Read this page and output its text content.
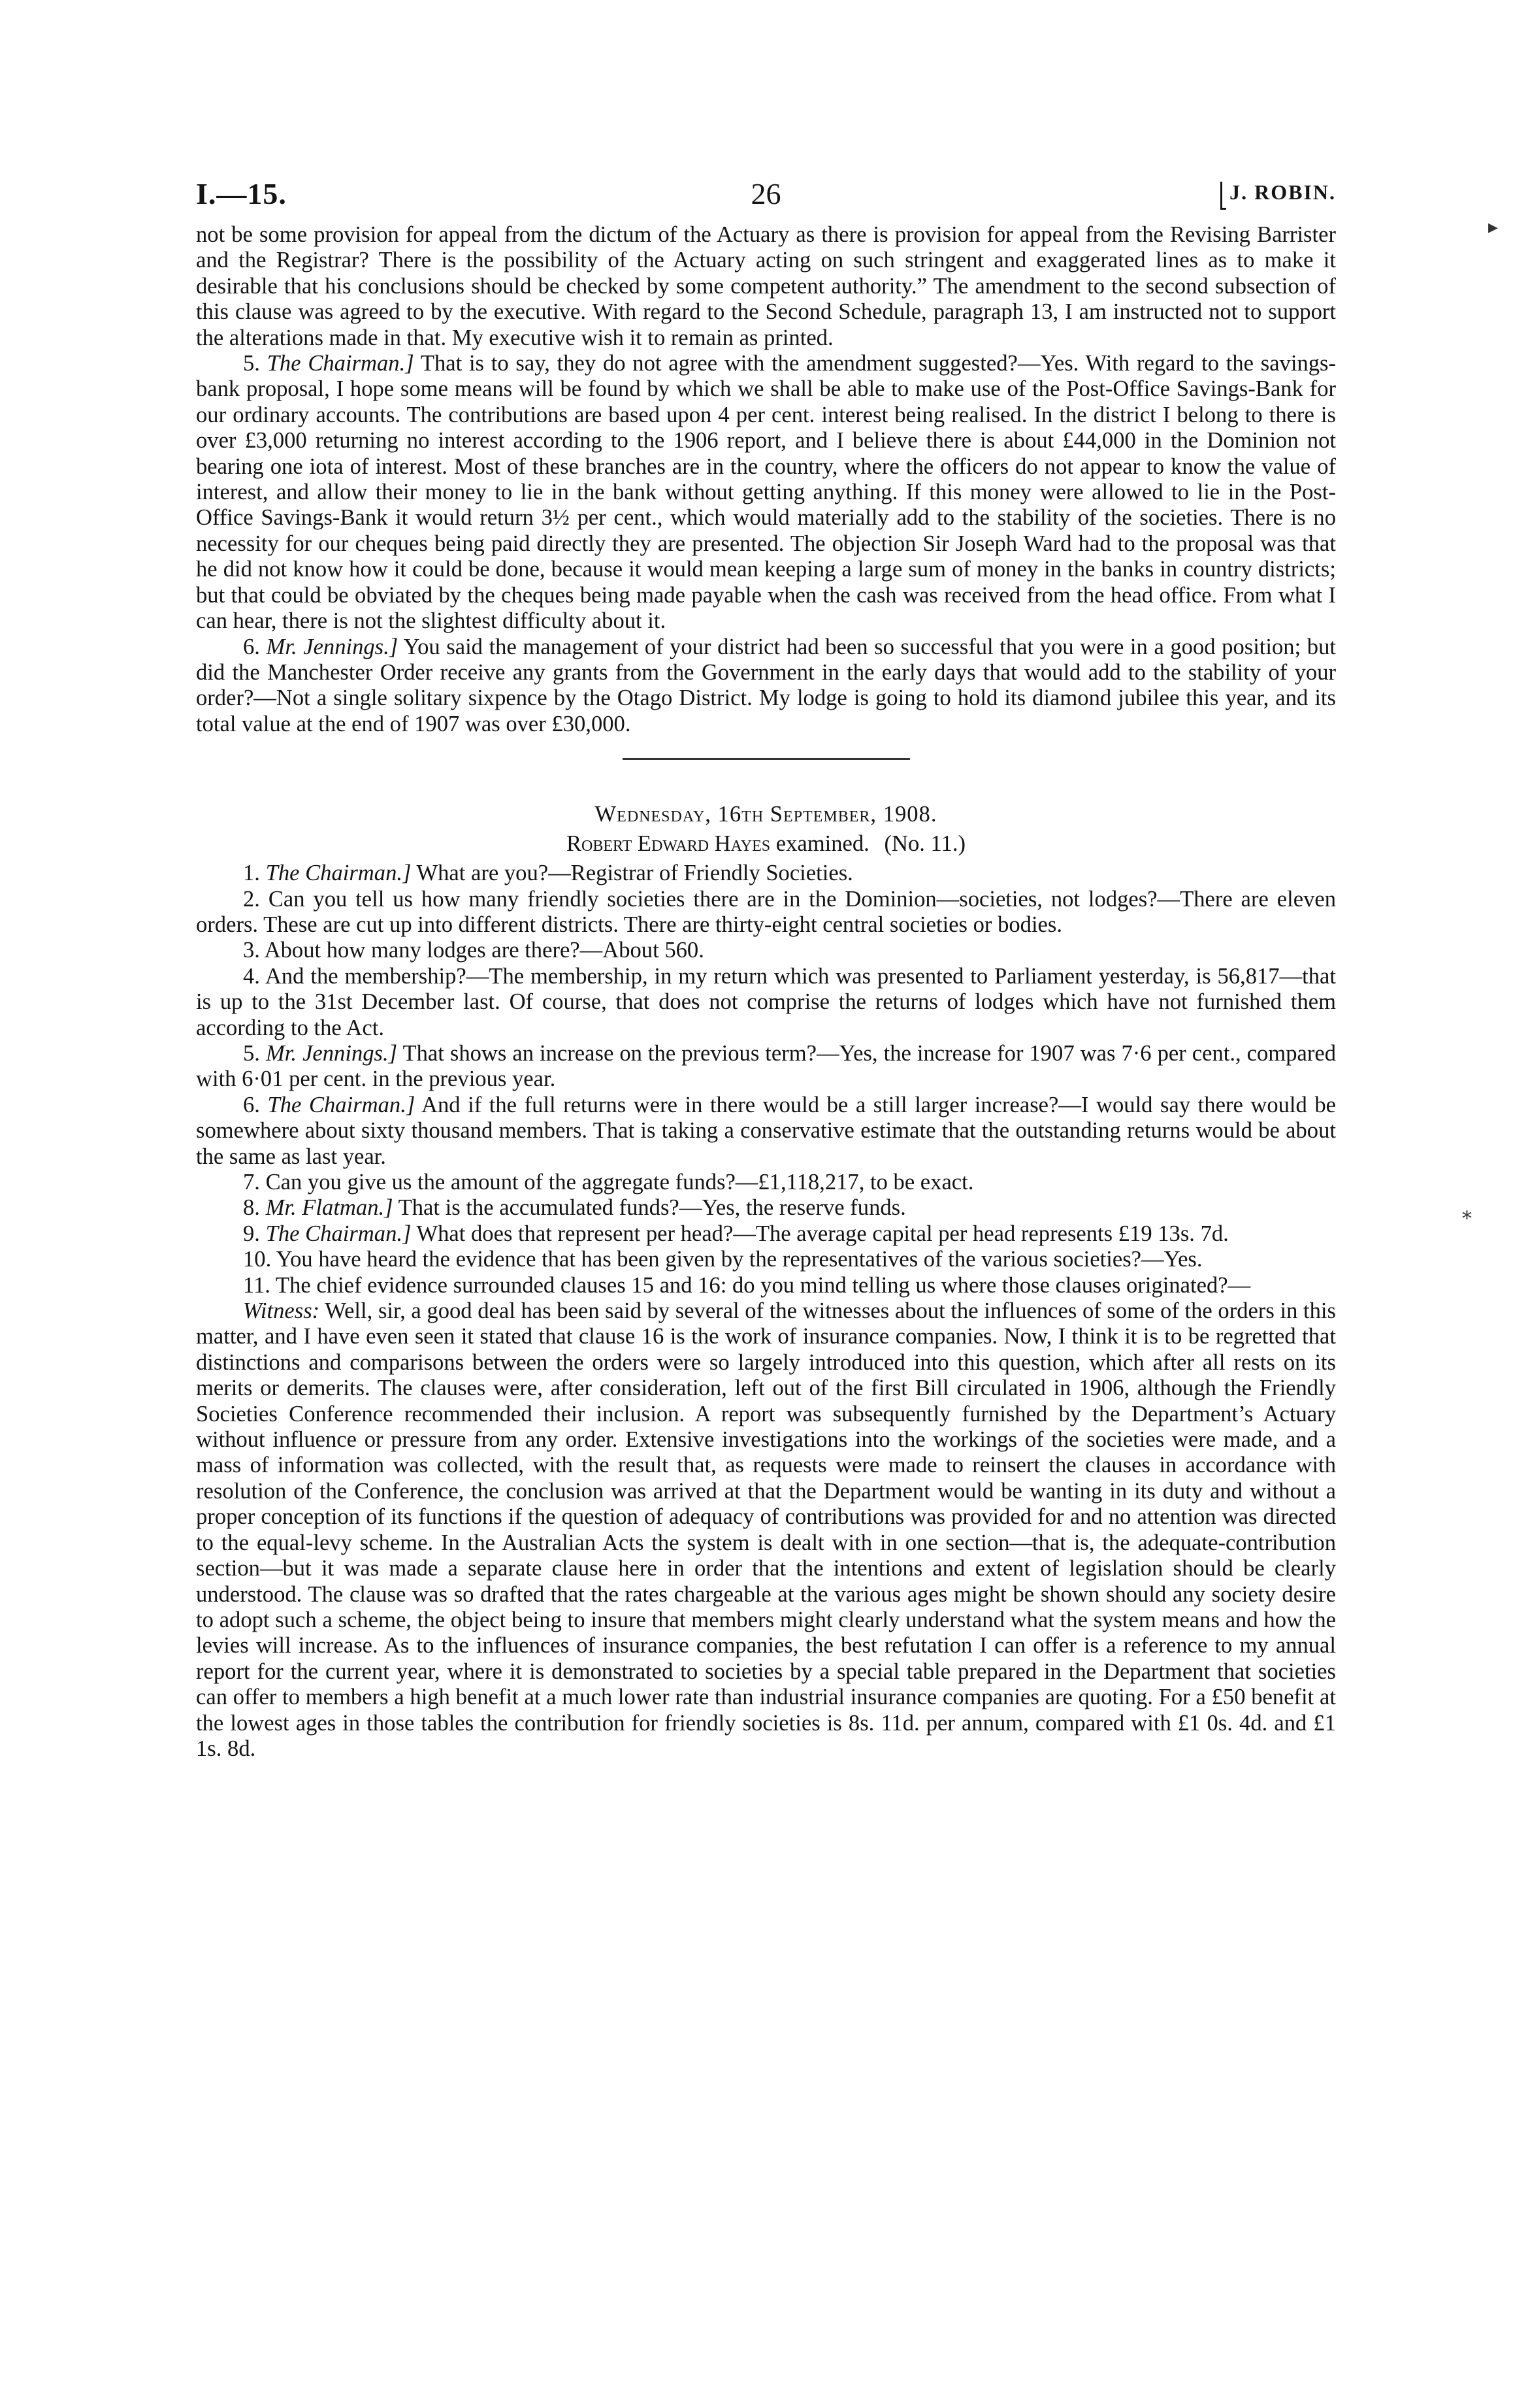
I.—15.	26	J. ROBIN.

not be some provision for appeal from the dictum of the Actuary as there is provision for appeal from the Revising Barrister and the Registrar? There is the possibility of the Actuary acting on such stringent and exaggerated lines as to make it desirable that his conclusions should be checked by some competent authority.” The amendment to the second subsection of this clause was agreed to by the executive. With regard to the Second Schedule, paragraph 13, I am instructed not to support the alterations made in that. My executive wish it to remain as printed.

5. The Chairman.] That is to say, they do not agree with the amendment suggested?—Yes. With regard to the savings-bank proposal, I hope some means will be found by which we shall be able to make use of the Post-Office Savings-Bank for our ordinary accounts. The contributions are based upon 4 per cent. interest being realised. In the district I belong to there is over £3,000 returning no interest according to the 1906 report, and I believe there is about £44,000 in the Dominion not bearing one iota of interest. Most of these branches are in the country, where the officers do not appear to know the value of interest, and allow their money to lie in the bank without getting anything. If this money were allowed to lie in the Post-Office Savings-Bank it would return 3½ per cent., which would materially add to the stability of the societies. There is no necessity for our cheques being paid directly they are presented. The objection Sir Joseph Ward had to the proposal was that he did not know how it could be done, because it would mean keeping a large sum of money in the banks in country districts; but that could be obviated by the cheques being made payable when the cash was received from the head office. From what I can hear, there is not the slightest difficulty about it.

6. Mr. Jennings.] You said the management of your district had been so successful that you were in a good position; but did the Manchester Order receive any grants from the Government in the early days that would add to the stability of your order?—Not a single solitary sixpence by the Otago District. My lodge is going to hold its diamond jubilee this year, and its total value at the end of 1907 was over £30,000.

Wednesday, 16th September, 1908.
Robert Edward Hayes examined. (No. 11.)

1. The Chairman.] What are you?—Registrar of Friendly Societies.

2. Can you tell us how many friendly societies there are in the Dominion—societies, not lodges?—There are eleven orders. These are cut up into different districts. There are thirty-eight central societies or bodies.

3. About how many lodges are there?—About 560.

4. And the membership?—The membership, in my return which was presented to Parliament yesterday, is 56,817—that is up to the 31st December last. Of course, that does not comprise the returns of lodges which have not furnished them according to the Act.

5. Mr. Jennings.] That shows an increase on the previous term?—Yes, the increase for 1907 was 7·6 per cent., compared with 6·01 per cent. in the previous year.

6. The Chairman.] And if the full returns were in there would be a still larger increase?—I would say there would be somewhere about sixty thousand members. That is taking a conservative estimate that the outstanding returns would be about the same as last year.

7. Can you give us the amount of the aggregate funds?—£1,118,217, to be exact.

8. Mr. Flatman.] That is the accumulated funds?—Yes, the reserve funds.

9. The Chairman.] What does that represent per head?—The average capital per head represents £19 13s. 7d.

10. You have heard the evidence that has been given by the representatives of the various societies?—Yes.

11. The chief evidence surrounded clauses 15 and 16: do you mind telling us where those clauses originated?—

Witness: Well, sir, a good deal has been said by several of the witnesses about the influences of some of the orders in this matter, and I have even seen it stated that clause 16 is the work of insurance companies. Now, I think it is to be regretted that distinctions and comparisons between the orders were so largely introduced into this question, which after all rests on its merits or demerits. The clauses were, after consideration, left out of the first Bill circulated in 1906, although the Friendly Societies Conference recommended their inclusion. A report was subsequently furnished by the Department’s Actuary without influence or pressure from any order. Extensive investigations into the workings of the societies were made, and a mass of information was collected, with the result that, as requests were made to reinsert the clauses in accordance with resolution of the Conference, the conclusion was arrived at that the Department would be wanting in its duty and without a proper conception of its functions if the question of adequacy of contributions was provided for and no attention was directed to the equal-levy scheme. In the Australian Acts the system is dealt with in one section—that is, the adequate-contribution section—but it was made a separate clause here in order that the intentions and extent of legislation should be clearly understood. The clause was so drafted that the rates chargeable at the various ages might be shown should any society desire to adopt such a scheme, the object being to insure that members might clearly understand what the system means and how the levies will increase. As to the influences of insurance companies, the best refutation I can offer is a reference to my annual report for the current year, where it is demonstrated to societies by a special table prepared in the Department that societies can offer to members a high benefit at a much lower rate than industrial insurance companies are quoting. For a £50 benefit at the lowest ages in those tables the contribution for friendly societies is 8s. 11d. per annum, compared with £1 0s. 4d. and £1 1s. 8d.

▸
⁎
